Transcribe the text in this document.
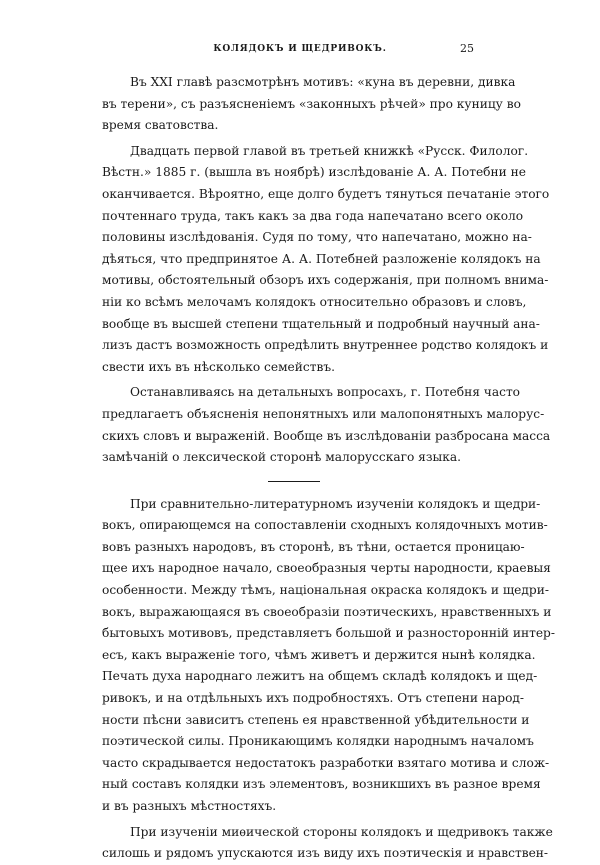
КОЛЯДОКЪ И ЩЕДРИВОКЪ.	25
Въ XXI главѣ разсмотрѣнъ мотивъ: «куна въ деревни, дивка
въ терени», съ разъясненіемъ «законныхъ рѣчей» про куницу во
время сватовства.
Двадцать первой главой въ третьей книжкѣ «Русск. Филолог.
Вѣстн.» 1885 г. (вышла въ ноябрѣ) изслѣдованіе А. А. Потебни не
оканчивается. Вѣроятно, еще долго будетъ тянуться печатаніе этого
почтеннаго труда, такъ какъ за два года напечатано всего около
половины изслѣдованія. Судя по тому, что напечатано, можно на-
дѣяться, что предпринятое А. А. Потебней разложеніе колядокъ на
мотивы, обстоятельный обзоръ ихъ содержанія, при полномъ внима-
ніи ко всѣмъ мелочамъ колядокъ относительно образовъ и словъ,
вообще въ высшей степени тщательный и подробный научный ана-
лизъ дастъ возможность опредѣлить внутреннее родство колядокъ и
свести ихъ въ нѣсколько семействъ.
Останавливаясь на детальныхъ вопросахъ, г. Потебня часто
предлагаетъ объясненія непонятныхъ или малопонятныхъ малорус-
скихъ словъ и выраженій. Вообще въ изслѣдованіи разбросана масса
замѣчаній о лексической сторонѣ малорусскаго языка.
При сравнительно-литературномъ изученіи колядокъ и щедри-
вокъ, опирающемся на сопоставленіи сходныхъ колядочныхъ мотив-
вовъ разныхъ народовъ, въ сторонѣ, въ тѣни, остается проницаю-
щее ихъ народное начало, своеобразныя черты народности, краевыя
особенности. Между тѣмъ, національная окраска колядокъ и щедри-
вокъ, выражающаяся въ своеобразіи поэтическихъ, нравственныхъ и
бытовыхъ мотивовъ, представляетъ большой и разносторонній интер-
есъ, какъ выраженіе того, чѣмъ живетъ и держится нынѣ колядка.
Печать духа народнаго лежитъ на общемъ складѣ колядокъ и щед-
ривокъ, и на отдѣльныхъ ихъ подробностяхъ. Отъ степени народ-
ности пѣсни зависитъ степень ея нравственной убѣдительности и
поэтической силы. Проникающимъ колядки народнымъ началомъ
часто скрадывается недостатокъ разработки взятаго мотива и слож-
ный составъ колядки изъ элементовъ, возникшихъ въ разное время
и въ разныхъ мѣстностяхъ.
При изученіи миѳической стороны колядокъ и щедривокъ также
силошь и рядомъ упускаются изъ виду ихъ поэтическія и нравствен-
